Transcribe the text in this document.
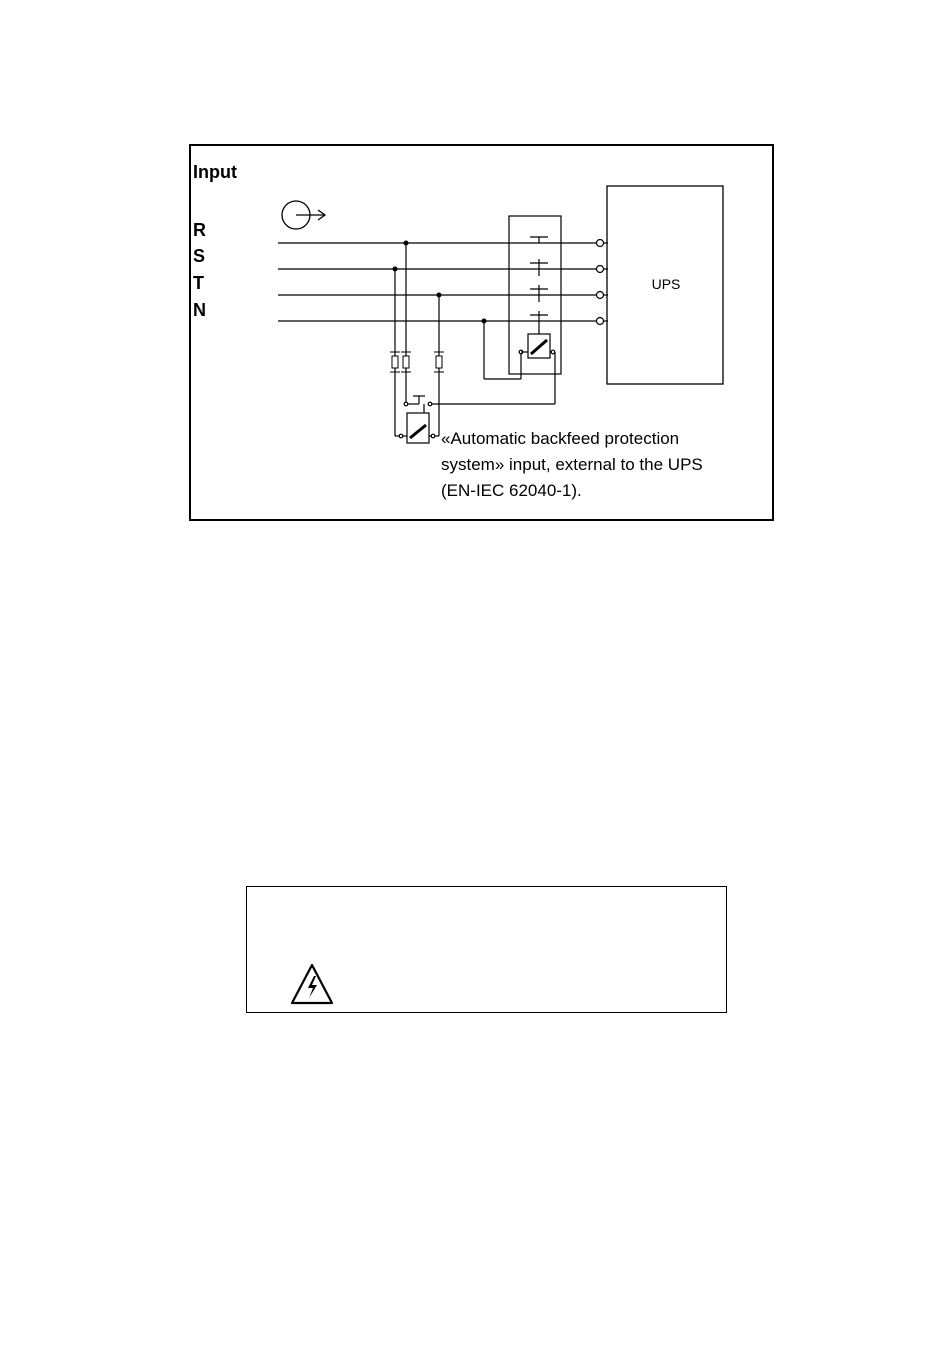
Input
R
S
T
N
UPS
«Automatic backfeed protection
system» input, external to the UPS
(EN-IEC 62040-1).
